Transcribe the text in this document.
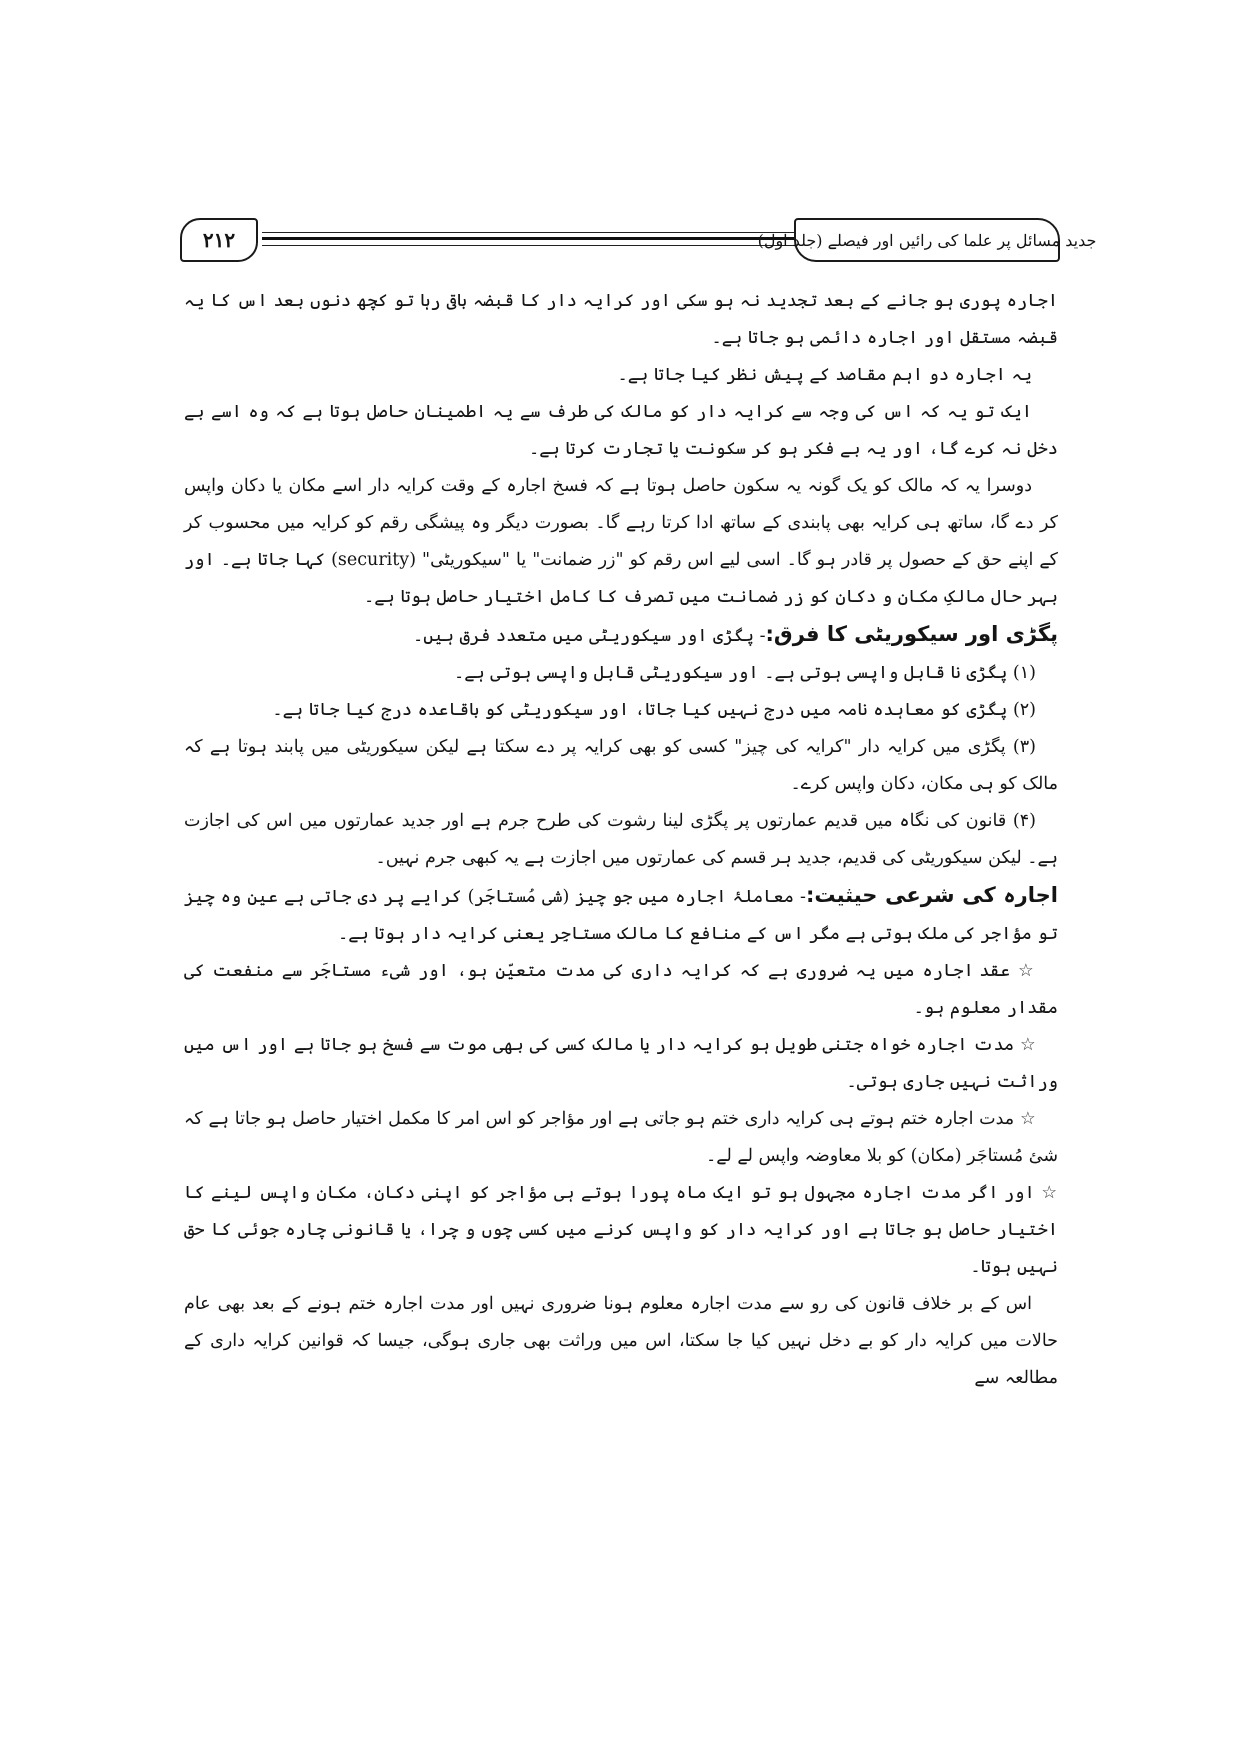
۲۱۲	جدید مسائل پر علما کی رائیں اور فیصلے (جلد اول)

اجارہ پوری ہو جانے کے بعد تجدید نہ ہو سکی اور کرایہ دار کا قبضہ باقی رہا تو کچھ دنوں بعد اس کا یہ قبضہ مستقل اور اجارہ دائمی ہو جاتا ہے۔

یہ اجارہ دو اہم مقاصد کے پیش نظر کیا جاتا ہے۔

ایک تو یہ کہ اس کی وجہ سے کرایہ دار کو مالک کی طرف سے یہ اطمینان حاصل ہوتا ہے کہ وہ اسے بے دخل نہ کرے گا، اور یہ بے فکر ہو کر سکونت یا تجارت کرتا ہے۔

دوسرا یہ کہ مالک کو یک گونہ یہ سکون حاصل ہوتا ہے کہ فسخ اجارہ کے وقت کرایہ دار اسے مکان یا دکان واپس کر دے گا، ساتھ ہی کرایہ بھی پابندی کے ساتھ ادا کرتا رہے گا۔ بصورت دیگر وہ پیشگی رقم کو کرایہ میں محسوب کر کے اپنے حق کے حصول پر قادر ہو گا۔ اسی لیے اس رقم کو "زر ضمانت" یا "سیکوریٹی" (security) کہا جاتا ہے۔ اور بہر حال مالکِ مکان و دکان کو زر ضمانت میں تصرف کا کامل اختیار حاصل ہوتا ہے۔

پگڑی اور سیکوریٹی کا فرق:- پگڑی اور سیکوریٹی میں متعدد فرق ہیں۔

(۱) پگڑی نا قابل واپسی ہوتی ہے۔ اور سیکوریٹی قابل واپسی ہوتی ہے۔

(۲) پگڑی کو معاہدہ نامہ میں درج نہیں کیا جاتا، اور سیکوریٹی کو باقاعدہ درج کیا جاتا ہے۔

(۳) پگڑی میں کرایہ دار "کرایہ کی چیز" کسی کو بھی کرایہ پر دے سکتا ہے لیکن سیکوریٹی میں پابند ہوتا ہے کہ مالک کو ہی مکان، دکان واپس کرے۔

(۴) قانون کی نگاہ میں قدیم عمارتوں پر پگڑی لینا رشوت کی طرح جرم ہے اور جدید عمارتوں میں اس کی اجازت ہے۔ لیکن سیکوریٹی کی قدیم، جدید ہر قسم کی عمارتوں میں اجازت ہے یہ کبھی جرم نہیں۔

اجارہ کی شرعی حیثیت:- معاملۂ اجارہ میں جو چیز (شی مُستاجَر) کرایے پر دی جاتی ہے عین وہ چیز تو مؤاجر کی ملک ہوتی ہے مگر اس کے منافع کا مالک مستاجِر یعنی کرایہ دار ہوتا ہے۔

☆ عقد اجارہ میں یہ ضروری ہے کہ کرایہ داری کی مدت متعیّن ہو، اور شیء مستاجَر سے منفعت کی مقدار معلوم ہو۔

☆ مدت اجارہ خواہ جتنی طویل ہو کرایہ دار یا مالک کسی کی بھی موت سے فسخ ہو جاتا ہے اور اس میں وراثت نہیں جاری ہوتی۔

☆ مدت اجارہ ختم ہوتے ہی کرایہ داری ختم ہو جاتی ہے اور مؤاجر کو اس امر کا مکمل اختیار حاصل ہو جاتا ہے کہ شئ مُستاجَر (مکان) کو بلا معاوضہ واپس لے لے۔

☆ اور اگر مدت اجارہ مجہول ہو تو ایک ماہ پورا ہوتے ہی مؤاجر کو اپنی دکان، مکان واپس لینے کا اختیار حاصل ہو جاتا ہے اور کرایہ دار کو واپس کرنے میں کسی چوں و چرا، یا قانونی چارہ جوئی کا حق نہیں ہوتا۔

اس کے بر خلاف قانون کی رو سے مدت اجارہ معلوم ہونا ضروری نہیں اور مدت اجارہ ختم ہونے کے بعد بھی عام حالات میں کرایہ دار کو بے دخل نہیں کیا جا سکتا، اس میں وراثت بھی جاری ہوگی، جیسا کہ قوانین کرایہ داری کے مطالعہ سے
